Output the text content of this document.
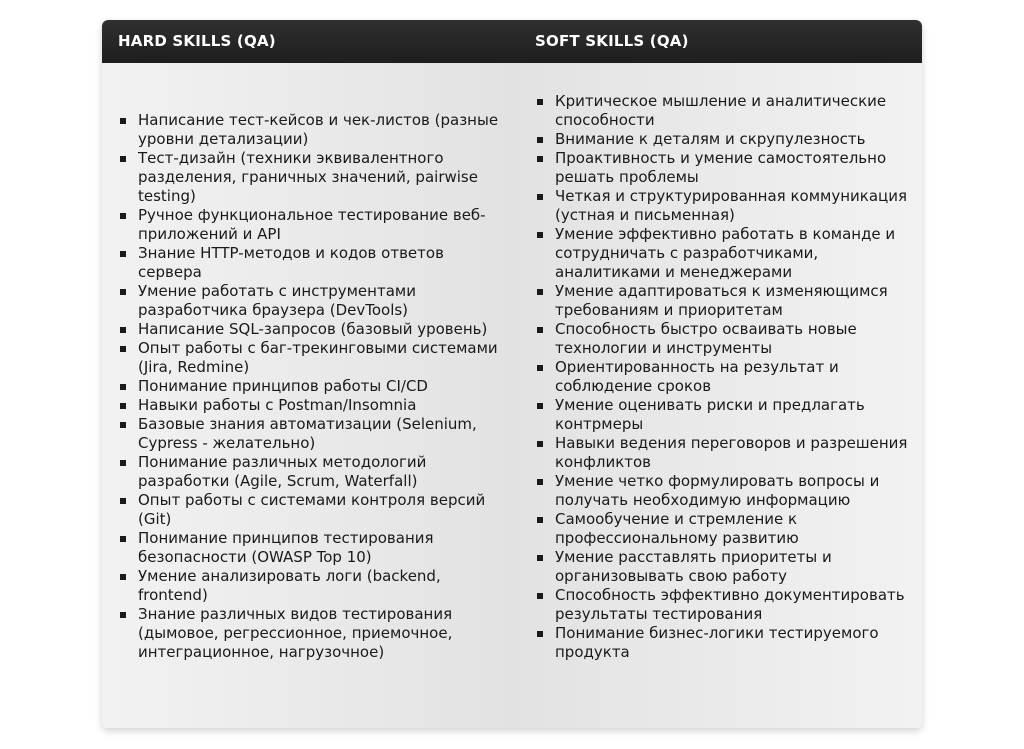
HARD SKILLS (QA)	SOFT SKILLS (QA)
Написание тест-кейсов и чек-листов (разные уровни детализации)
Тест-дизайн (техники эквивалентного разделения, граничных значений, pairwise testing)
Ручное функциональное тестирование веб-приложений и API
Знание HTTP-методов и кодов ответов сервера
Умение работать с инструментами разработчика браузера (DevTools)
Написание SQL-запросов (базовый уровень)
Опыт работы с баг-трекинговыми системами (Jira, Redmine)
Понимание принципов работы CI/CD
Навыки работы с Postman/Insomnia
Базовые знания автоматизации (Selenium, Cypress - желательно)
Понимание различных методологий разработки (Agile, Scrum, Waterfall)
Опыт работы с системами контроля версий (Git)
Понимание принципов тестирования безопасности (OWASP Top 10)
Умение анализировать логи (backend, frontend)
Знание различных видов тестирования (дымовое, регрессионное, приемочное, интеграционное, нагрузочное)
Критическое мышление и аналитические способности
Внимание к деталям и скрупулезность
Проактивность и умение самостоятельно решать проблемы
Четкая и структурированная коммуникация (устная и письменная)
Умение эффективно работать в команде и сотрудничать с разработчиками, аналитиками и менеджерами
Умение адаптироваться к изменяющимся требованиям и приоритетам
Способность быстро осваивать новые технологии и инструменты
Ориентированность на результат и соблюдение сроков
Умение оценивать риски и предлагать контрмеры
Навыки ведения переговоров и разрешения конфликтов
Умение четко формулировать вопросы и получать необходимую информацию
Самообучение и стремление к профессиональному развитию
Умение расставлять приоритеты и организовывать свою работу
Способность эффективно документировать результаты тестирования
Понимание бизнес-логики тестируемого продукта
